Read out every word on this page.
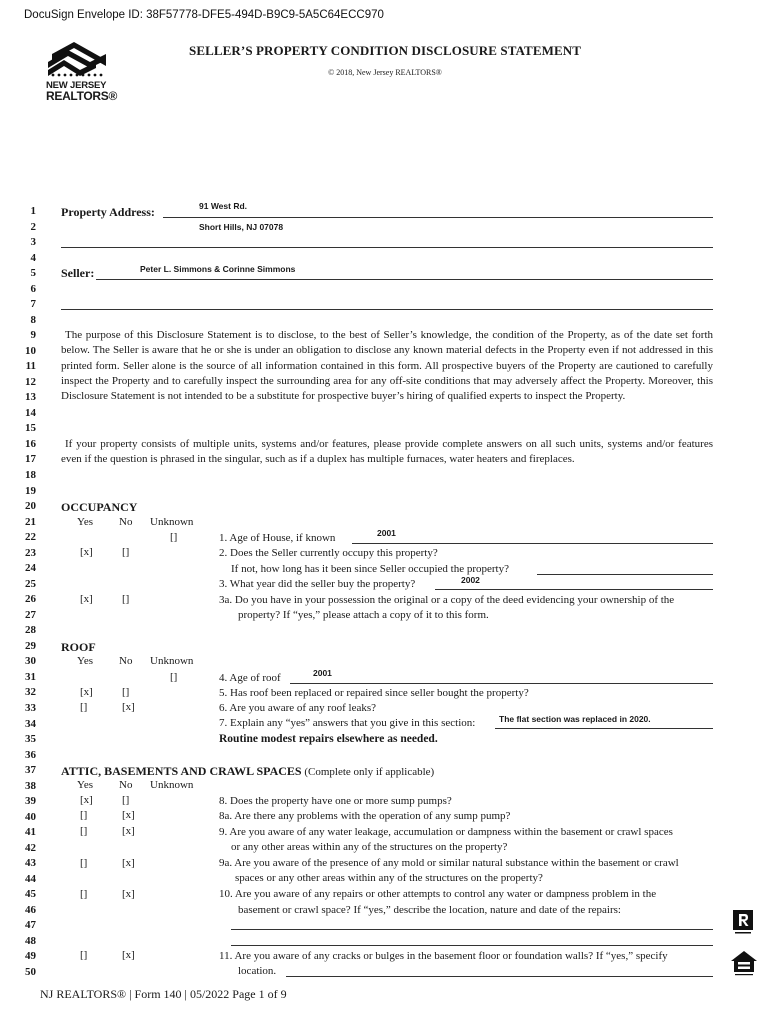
DocuSign Envelope ID: 38F57778-DFE5-494D-B9C9-5A5C64ECC970
NEW JERSEY
REALTORS®
SELLER’S PROPERTY CONDITION DISCLOSURE STATEMENT
© 2018, New Jersey REALTORS®
1
2
3
4
5
6
7
8
9
10
11
12
13
14
15
16
17
18
19
20
21
22
23
24
25
26
27
28
29
30
31
32
33
34
35
36
37
38
39
40
41
42
43
44
45
46
47
48
49
50
Property Address:	91 West Rd.
Short Hills, NJ 07078
Seller:	Peter L. Simmons & Corinne Simmons
The purpose of this Disclosure Statement is to disclose, to the best of Seller’s knowledge, the condition of the Property, as of the date set forth below. The Seller is aware that he or she is under an obligation to disclose any known material defects in the Property even if not addressed in this printed form. Seller alone is the source of all information contained in this form. All prospective buyers of the Property are cautioned to carefully inspect the Property and to carefully inspect the surrounding area for any off-site conditions that may adversely affect the Property. Moreover, this Disclosure Statement is not intended to be a substitute for prospective buyer’s hiring of qualified experts to inspect the Property.
If your property consists of multiple units, systems and/or features, please provide complete answers on all such units, systems and/or features even if the question is phrased in the singular, such as if a duplex has multiple furnaces, water heaters and fireplaces.
OCCUPANCY
Yes No Unknown
[]	1. Age of House, if known	2001
[x]	[]	2. Does the Seller currently occupy this property?
If not, how long has it been since Seller occupied the property?
3. What year did the seller buy the property?	2002
[x]	[]	3a. Do you have in your possession the original or a copy of the deed evidencing your ownership of the
property? If “yes,” please attach a copy of it to this form.
ROOF
Yes No Unknown
[]	4. Age of roof	2001
[x]	[]	5. Has roof been replaced or repaired since seller bought the property?
[]	[x]	6. Are you aware of any roof leaks?
7. Explain any “yes” answers that you give in this section:	The flat section was replaced in 2020.
Routine modest repairs elsewhere as needed.
ATTIC, BASEMENTS AND CRAWL SPACES (Complete only if applicable)
Yes No Unknown
[x]	[]	8. Does the property have one or more sump pumps?
[]	[x]	8a. Are there any problems with the operation of any sump pump?
[]	[x]	9. Are you aware of any water leakage, accumulation or dampness within the basement or crawl spaces
or any other areas within any of the structures on the property?
[]	[x]	9a. Are you aware of the presence of any mold or similar natural substance within the basement or crawl
spaces or any other areas within any of the structures on the property?
[]	[x]	10. Are you aware of any repairs or other attempts to control any water or dampness problem in the
basement or crawl space? If “yes,” describe the location, nature and date of the repairs:
[]	[x]	11. Are you aware of any cracks or bulges in the basement floor or foundation walls? If “yes,” specify
location.
NJ REALTORS® | Form 140 | 05/2022 Page 1 of 9
